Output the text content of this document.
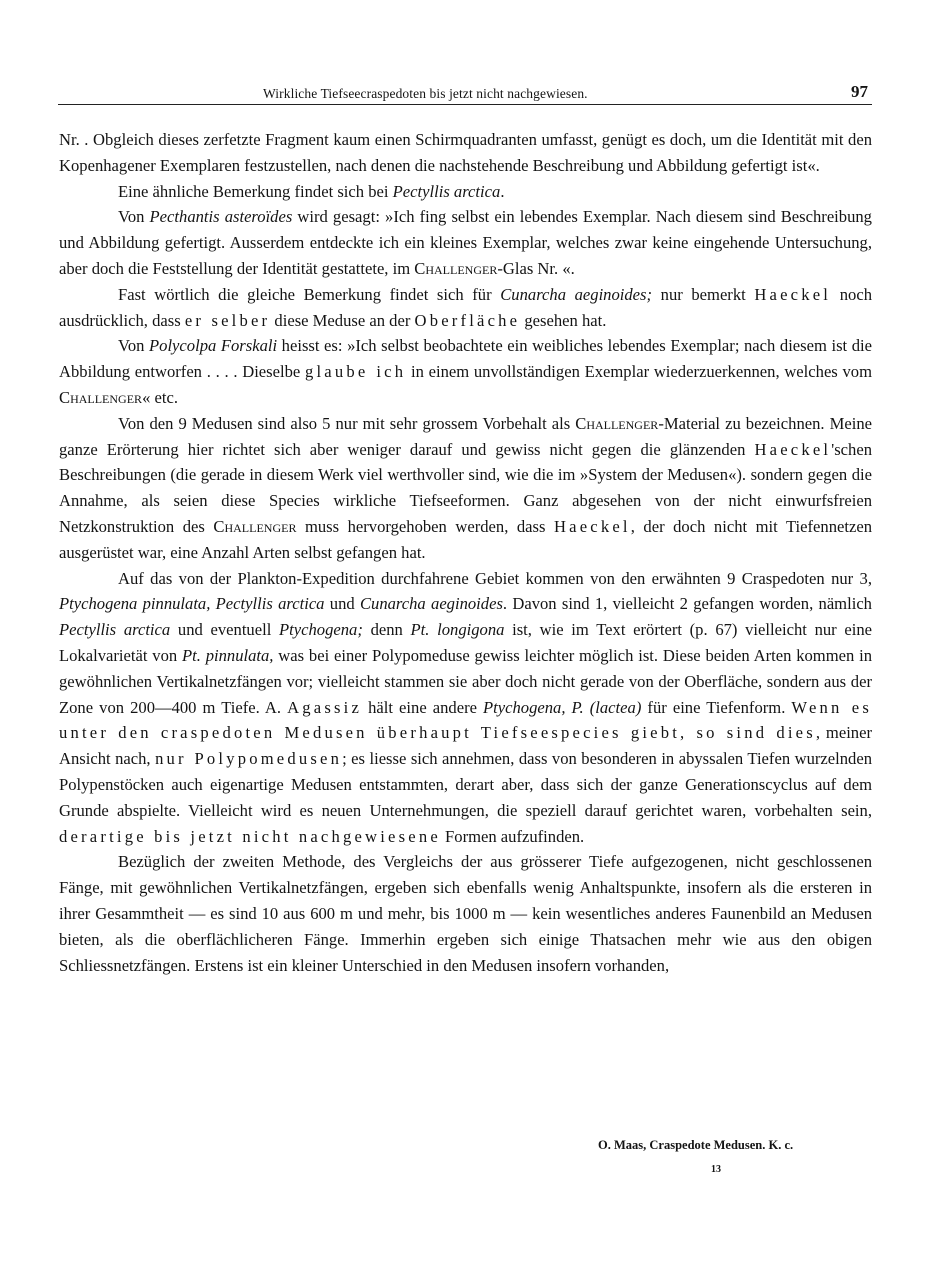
Wirkliche Tiefseecraspedoten bis jetzt nicht nachgewiesen.	97

Nr. . Obgleich dieses zerfetzte Fragment kaum einen Schirmquadranten umfasst, genügt es doch, um die Identität mit den Kopenhagener Exemplaren festzustellen, nach denen die nachstehende Beschreibung und Abbildung gefertigt ist«.

Eine ähnliche Bemerkung findet sich bei Pectyllis arctica.

Von Pecthantis asteroïdes wird gesagt: »Ich fing selbst ein lebendes Exemplar. Nach diesem sind Beschreibung und Abbildung gefertigt. Ausserdem entdeckte ich ein kleines Exemplar, welches zwar keine eingehende Untersuchung, aber doch die Feststellung der Identität gestattete, im Challenger-Glas Nr. «.

Fast wörtlich die gleiche Bemerkung findet sich für Cunarcha aeginoides; nur bemerkt Haeckel noch ausdrücklich, dass er selber diese Meduse an der Oberfläche gesehen hat.

Von Polycolpa Forskali heisst es: »Ich selbst beobachtete ein weibliches lebendes Exemplar; nach diesem ist die Abbildung entworfen . . . . Dieselbe glaube ich in einem unvollständigen Exemplar wiederzuerkennen, welches vom Challenger« etc.

Von den 9 Medusen sind also 5 nur mit sehr grossem Vorbehalt als Challenger-Material zu bezeichnen. Meine ganze Erörterung hier richtet sich aber weniger darauf und gewiss nicht gegen die glänzenden Haeckel'schen Beschreibungen (die gerade in diesem Werk viel werthvoller sind, wie die im »System der Medusen«). sondern gegen die Annahme, als seien diese Species wirkliche Tiefseeformen. Ganz abgesehen von der nicht einwurfsfreien Netzkonstruktion des Challenger muss hervorgehoben werden, dass Haeckel, der doch nicht mit Tiefennetzen ausgerüstet war, eine Anzahl Arten selbst gefangen hat.

Auf das von der Plankton-Expedition durchfahrene Gebiet kommen von den erwähnten 9 Craspedoten nur 3, Ptychogena pinnulata, Pectyllis arctica und Cunarcha aeginoides. Davon sind 1, vielleicht 2 gefangen worden, nämlich Pectyllis arctica und eventuell Ptychogena; denn Pt. longigona ist, wie im Text erörtert (p. 67) vielleicht nur eine Lokalvarietät von Pt. pinnulata, was bei einer Polypomeduse gewiss leichter möglich ist. Diese beiden Arten kommen in gewöhnlichen Vertikalnetzfängen vor; vielleicht stammen sie aber doch nicht gerade von der Oberfläche, sondern aus der Zone von 200—400 m Tiefe. A. Agassiz hält eine andere Ptychogena, P. (lactea) für eine Tiefenform. Wenn es unter den craspedoten Medusen überhaupt Tiefseespecies giebt, so sind dies, meiner Ansicht nach, nur Polypomedusen; es liesse sich annehmen, dass von besonderen in abyssalen Tiefen wurzelnden Polypenstöcken auch eigenartige Medusen entstammten, derart aber, dass sich der ganze Generationscyclus auf dem Grunde abspielte. Vielleicht wird es neuen Unternehmungen, die speziell darauf gerichtet waren, vorbehalten sein, derartige bis jetzt nicht nachgewiesene Formen aufzufinden.

Bezüglich der zweiten Methode, des Vergleichs der aus grösserer Tiefe aufgezogenen, nicht geschlossenen Fänge, mit gewöhnlichen Vertikalnetzfängen, ergeben sich ebenfalls wenig Anhaltspunkte, insofern als die ersteren in ihrer Gesammtheit — es sind 10 aus 600 m und mehr, bis 1000 m — kein wesentliches anderes Faunenbild an Medusen bieten, als die oberflächlicheren Fänge. Immerhin ergeben sich einige Thatsachen mehr wie aus den obigen Schliessnetzfängen. Erstens ist ein kleiner Unterschied in den Medusen insofern vorhanden,

O. Maas, Craspedote Medusen. K. c.
13
